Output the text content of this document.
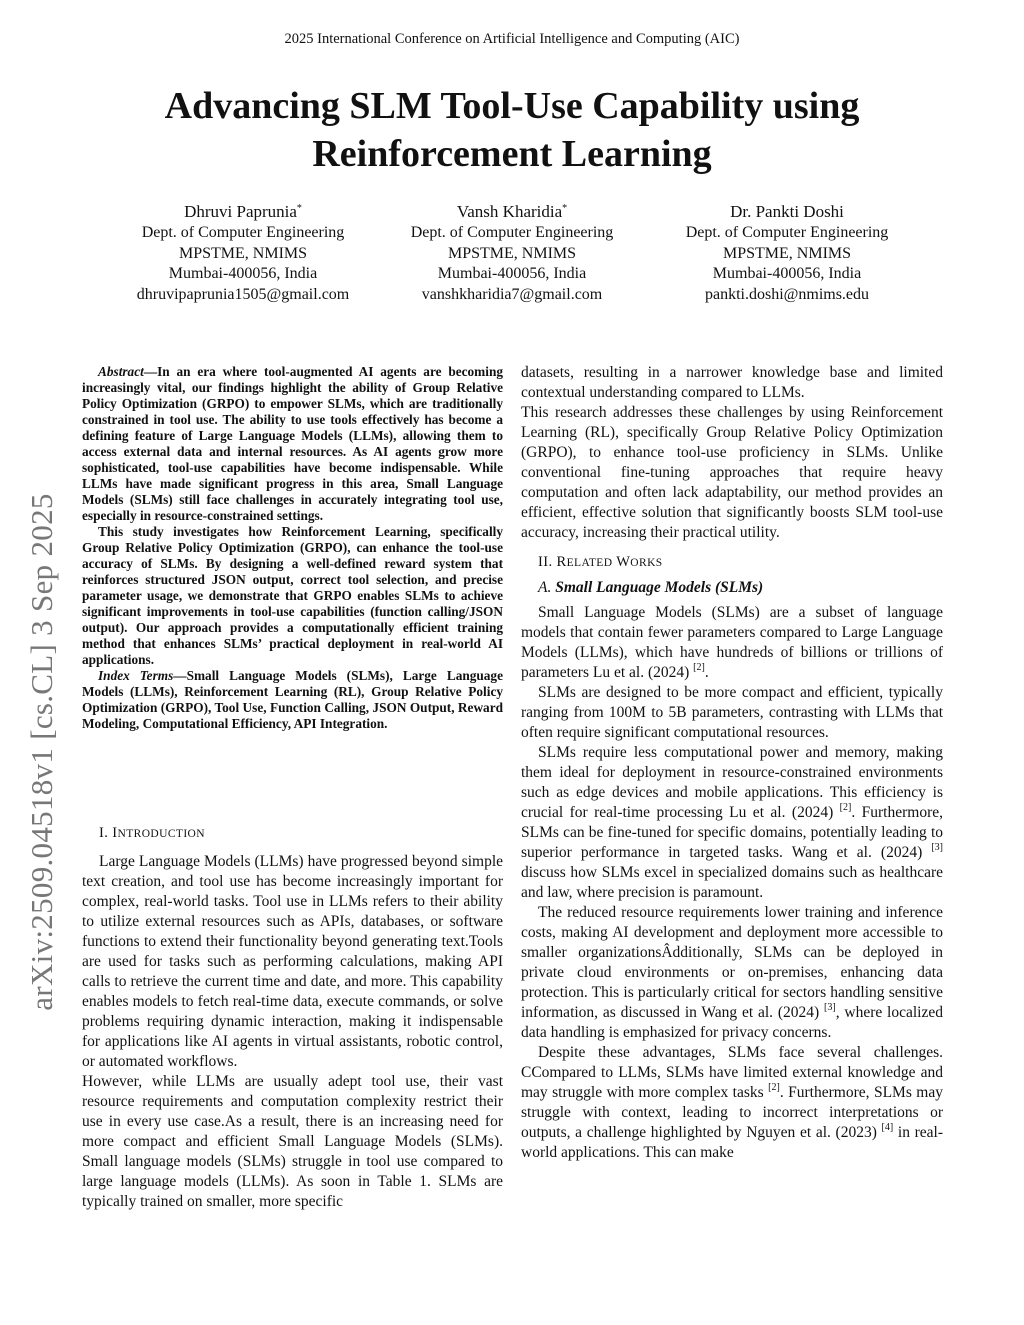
2025 International Conference on Artificial Intelligence and Computing (AIC)
Advancing SLM Tool-Use Capability using
Reinforcement Learning
Dhruvi Paprunia*
Dept. of Computer Engineering
MPSTME, NMIMS
Mumbai-400056, India
dhruvipaprunia1505@gmail.com
Vansh Kharidia*
Dept. of Computer Engineering
MPSTME, NMIMS
Mumbai-400056, India
vanshkharidia7@gmail.com
Dr. Pankti Doshi
Dept. of Computer Engineering
MPSTME, NMIMS
Mumbai-400056, India
pankti.doshi@nmims.edu
arXiv:2509.04518v1 [cs.CL] 3 Sep 2025

Abstract—In an era where tool-augmented AI agents are becoming increasingly vital, our findings highlight the ability of Group Relative Policy Optimization (GRPO) to empower SLMs, which are traditionally constrained in tool use. The ability to use tools effectively has become a defining feature of Large Language Models (LLMs), allowing them to access external data and internal resources. As AI agents grow more sophisticated, tool-use capabilities have become indispensable. While LLMs have made significant progress in this area, Small Language Models (SLMs) still face challenges in accurately integrating tool use, especially in resource-constrained settings.

This study investigates how Reinforcement Learning, specifically Group Relative Policy Optimization (GRPO), can enhance the tool-use accuracy of SLMs. By designing a well-defined reward system that reinforces structured JSON output, correct tool selection, and precise parameter usage, we demonstrate that GRPO enables SLMs to achieve significant improvements in tool-use capabilities (function calling/JSON output). Our approach provides a computationally efficient training method that enhances SLMs’ practical deployment in real-world AI applications.

Index Terms—Small Language Models (SLMs), Large Language Models (LLMs), Reinforcement Learning (RL), Group Relative Policy Optimization (GRPO), Tool Use, Function Calling, JSON Output, Reward Modeling, Computational Efficiency, API Integration.

I. INTRODUCTION

Large Language Models (LLMs) have progressed beyond simple text creation, and tool use has become increasingly important for complex, real-world tasks. Tool use in LLMs refers to their ability to utilize external resources such as APIs, databases, or software functions to extend their functionality beyond generating text.Tools are used for tasks such as performing calculations, making API calls to retrieve the current time and date, and more. This capability enables models to fetch real-time data, execute commands, or solve problems requiring dynamic interaction, making it indispensable for applications like AI agents in virtual assistants, robotic control, or automated workflows.

However, while LLMs are usually adept tool use, their vast resource requirements and computation complexity restrict their use in every use case.As a result, there is an increasing need for more compact and efficient Small Language Models (SLMs). Small language models (SLMs) struggle in tool use compared to large language models (LLMs). As soon in Table 1. SLMs are typically trained on smaller, more specific

datasets, resulting in a narrower knowledge base and limited contextual understanding compared to LLMs.

This research addresses these challenges by using Reinforcement Learning (RL), specifically Group Relative Policy Optimization (GRPO), to enhance tool-use proficiency in SLMs. Unlike conventional fine-tuning approaches that require heavy computation and often lack adaptability, our method provides an efficient, effective solution that significantly boosts SLM tool-use accuracy, increasing their practical utility.

II. RELATED WORKS

A. Small Language Models (SLMs)

Small Language Models (SLMs) are a subset of language models that contain fewer parameters compared to Large Language Models (LLMs), which have hundreds of billions or trillions of parameters Lu et al. (2024) [2].

SLMs are designed to be more compact and efficient, typically ranging from 100M to 5B parameters, contrasting with LLMs that often require significant computational resources.

SLMs require less computational power and memory, making them ideal for deployment in resource-constrained environments such as edge devices and mobile applications. This efficiency is crucial for real-time processing Lu et al. (2024) [2]. Furthermore, SLMs can be fine-tuned for specific domains, potentially leading to superior performance in targeted tasks. Wang et al. (2024) [3] discuss how SLMs excel in specialized domains such as healthcare and law, where precision is paramount.

The reduced resource requirements lower training and inference costs, making AI development and deployment more accessible to smaller organizationsÂdditionally, SLMs can be deployed in private cloud environments or on-premises, enhancing data protection. This is particularly critical for sectors handling sensitive information, as discussed in Wang et al. (2024) [3], where localized data handling is emphasized for privacy concerns.

Despite these advantages, SLMs face several challenges. CCompared to LLMs, SLMs have limited external knowledge and may struggle with more complex tasks [2]. Furthermore, SLMs may struggle with context, leading to incorrect interpretations or outputs, a challenge highlighted by Nguyen et al. (2023) [4] in real-world applications. This can make
